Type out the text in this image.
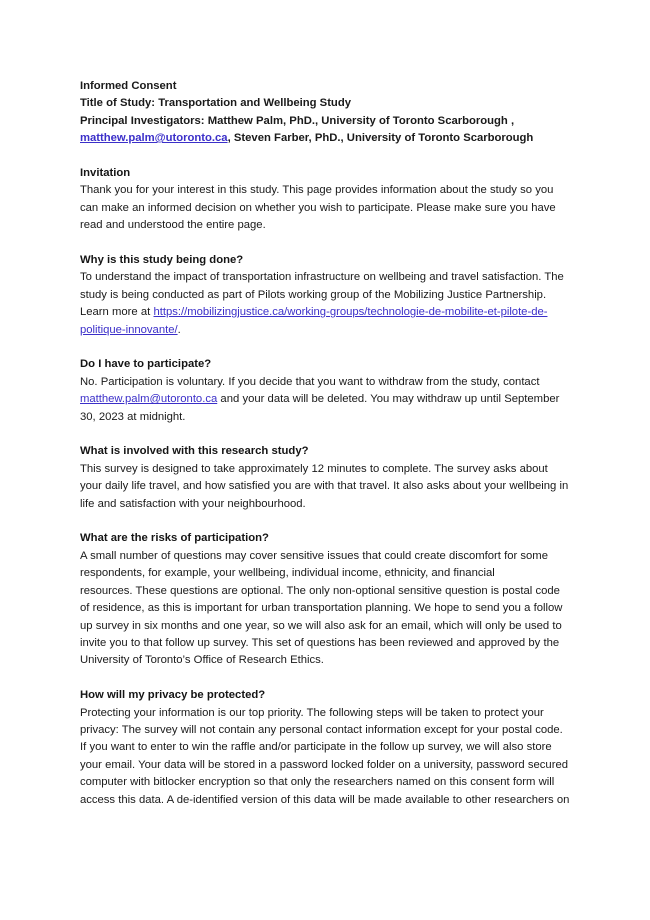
Informed Consent
Title of Study: Transportation and Wellbeing Study
Principal Investigators: Matthew Palm, PhD., University of Toronto Scarborough ,
matthew.palm@utoronto.ca, Steven Farber, PhD., University of Toronto Scarborough
Invitation
Thank you for your interest in this study. This page provides information about the study so you can make an informed decision on whether you wish to participate. Please make sure you have read and understood the entire page.
Why is this study being done?
To understand the impact of transportation infrastructure on wellbeing and travel satisfaction. The study is being conducted as part of Pilots working group of the Mobilizing Justice Partnership. Learn more at https://mobilizingjustice.ca/working-groups/technologie-de-mobilite-et-pilote-de-politique-innovante/.
Do I have to participate?
No. Participation is voluntary. If you decide that you want to withdraw from the study, contact matthew.palm@utoronto.ca and your data will be deleted. You may withdraw up until September 30, 2023 at midnight.
What is involved with this research study?
This survey is designed to take approximately 12 minutes to complete. The survey asks about your daily life travel, and how satisfied you are with that travel. It also asks about your wellbeing in life and satisfaction with your neighbourhood.
What are the risks of participation?
A small number of questions may cover sensitive issues that could create discomfort for some respondents, for example, your wellbeing, individual income, ethnicity, and financial
resources. These questions are optional. The only non-optional sensitive question is postal code of residence, as this is important for urban transportation planning. We hope to send you a follow up survey in six months and one year, so we will also ask for an email, which will only be used to invite you to that follow up survey. This set of questions has been reviewed and approved by the University of Toronto’s Office of Research Ethics.
How will my privacy be protected?
Protecting your information is our top priority. The following steps will be taken to protect your privacy: The survey will not contain any personal contact information except for your postal code. If you want to enter to win the raffle and/or participate in the follow up survey, we will also store your email. Your data will be stored in a password locked folder on a university, password secured computer with bitlocker encryption so that only the researchers named on this consent form will access this data. A de-identified version of this data will be made available to other researchers on
